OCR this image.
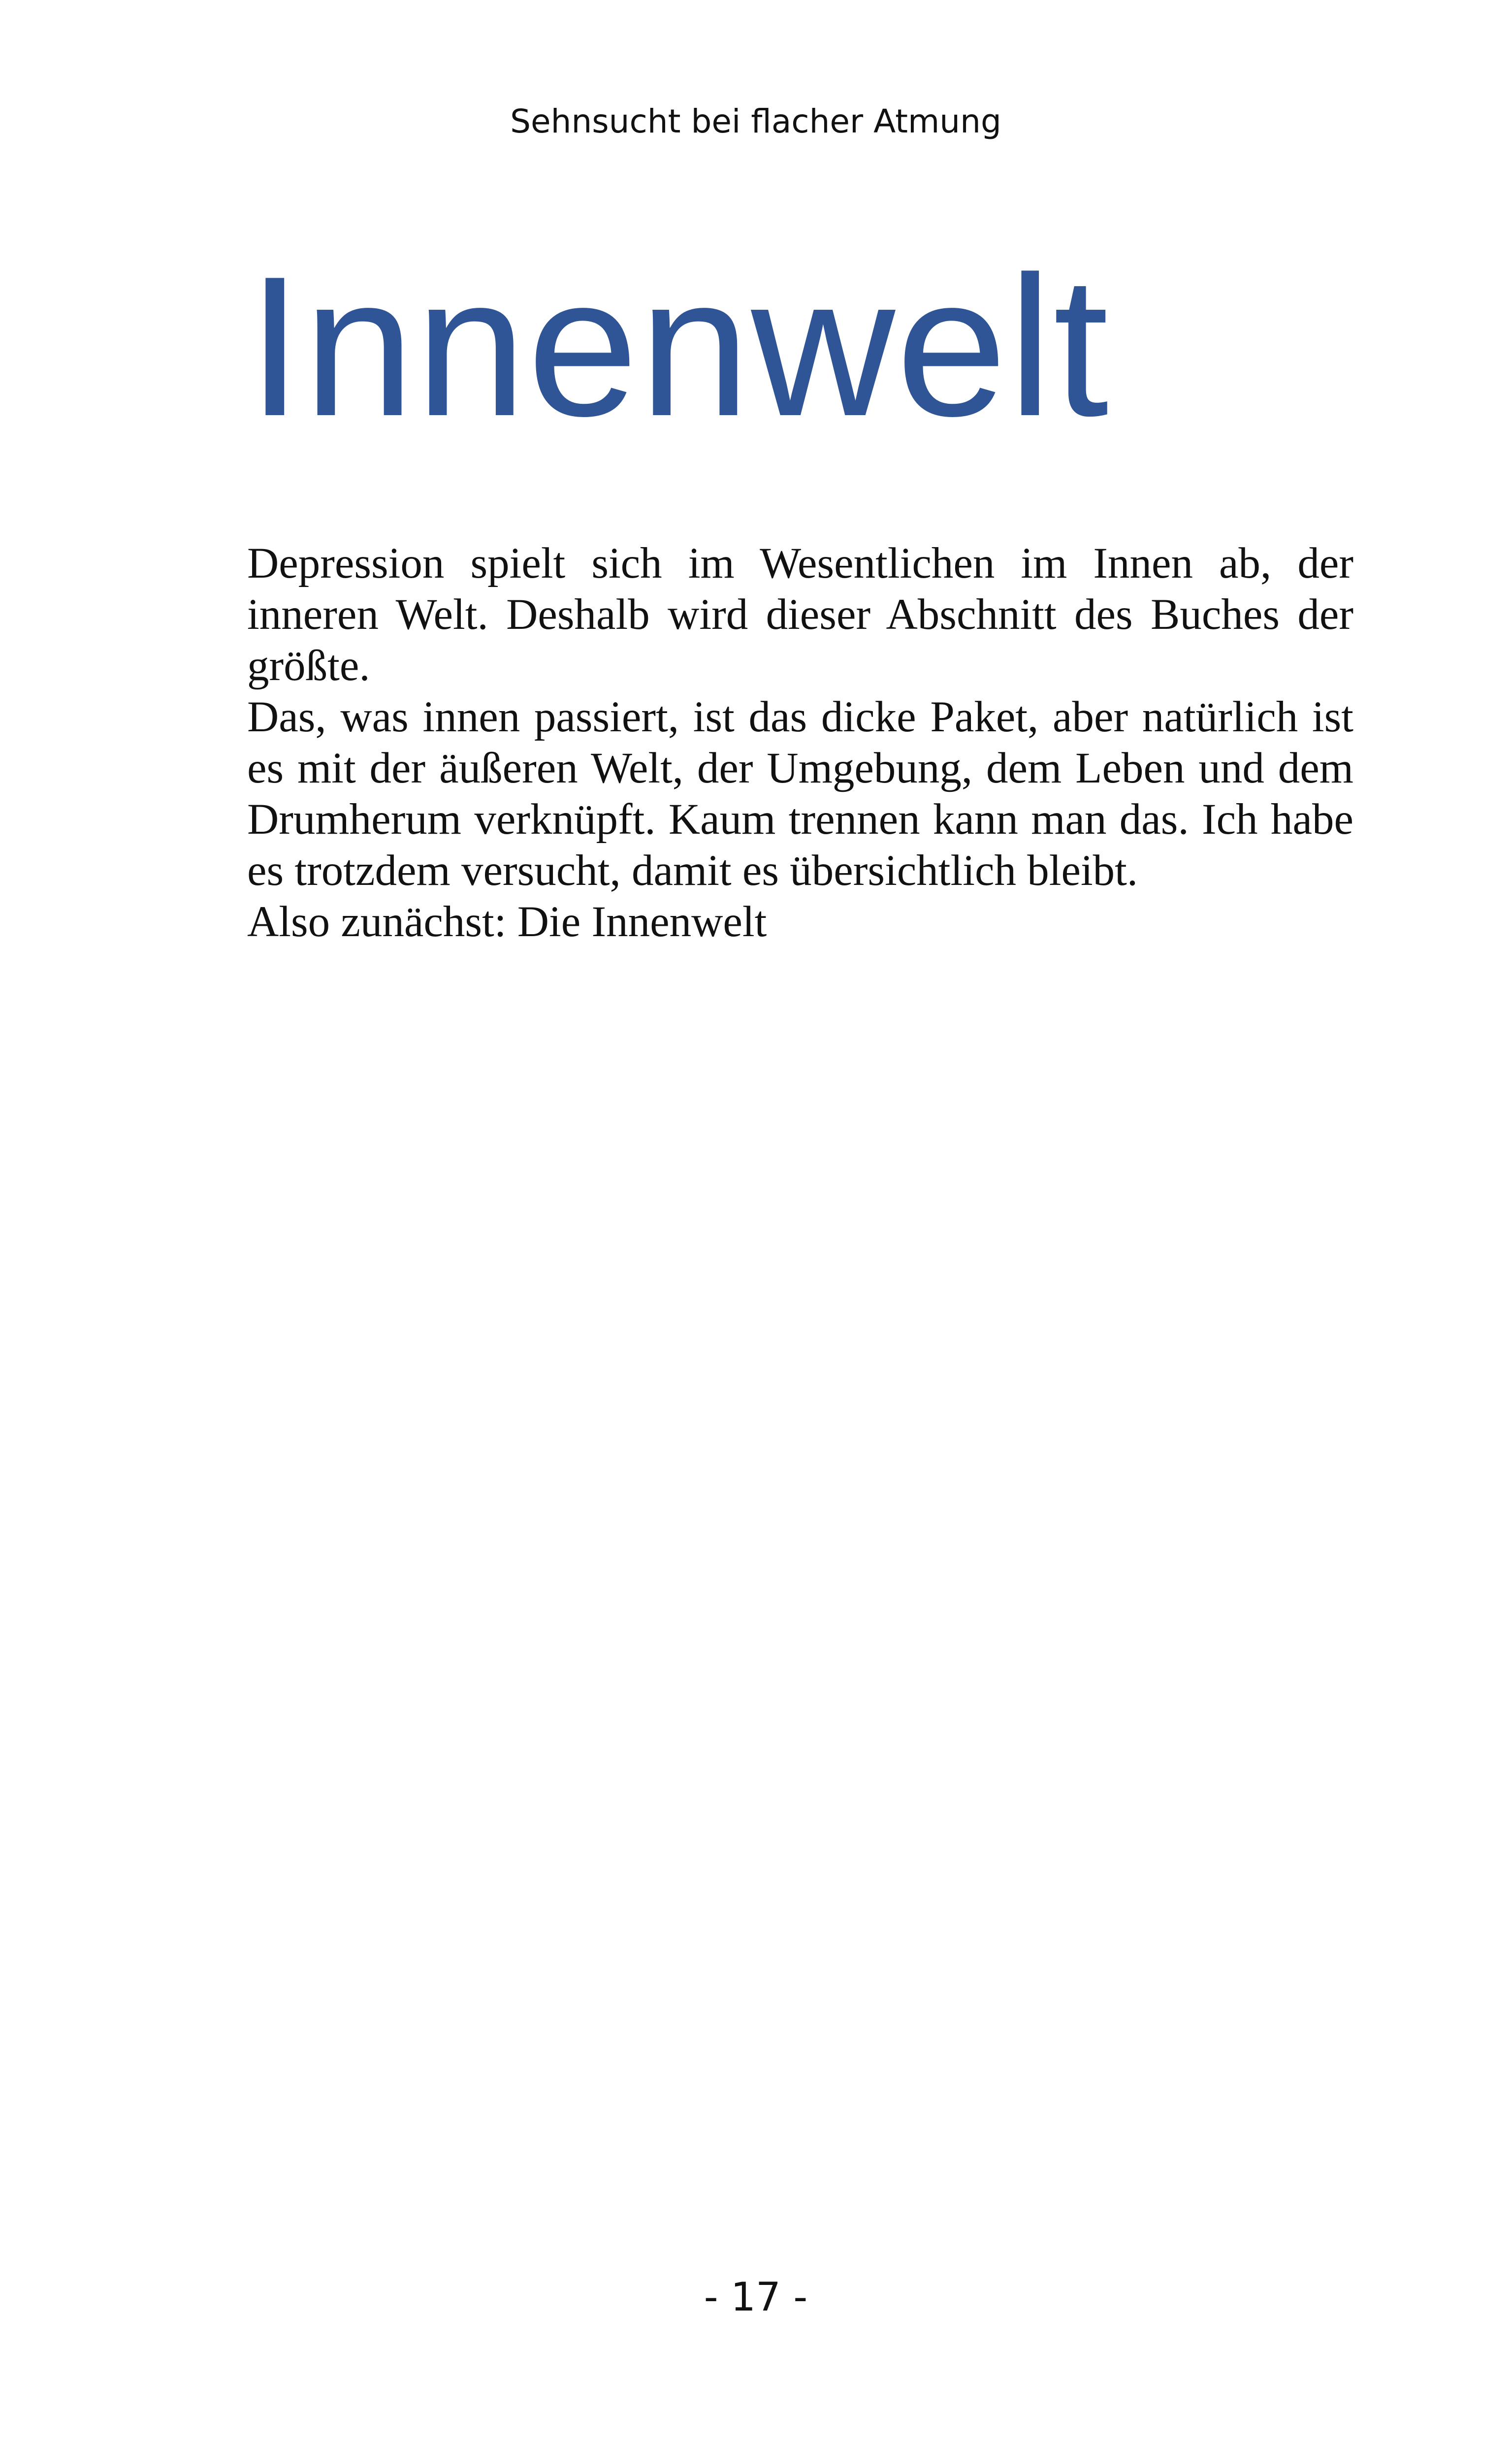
Sehnsucht bei flacher Atmung
Innenwelt

Depression spielt sich im Wesentlichen im Innen ab, der inneren Welt. Deshalb wird dieser Abschnitt des Buches der größte.

Das, was innen passiert, ist das dicke Paket, aber natürlich ist es mit der äußeren Welt, der Umgebung, dem Leben und dem Drumherum verknüpft. Kaum trennen kann man das. Ich habe es trotzdem versucht, damit es übersichtlich bleibt.

Also zunächst: Die Innenwelt

- 17 -
